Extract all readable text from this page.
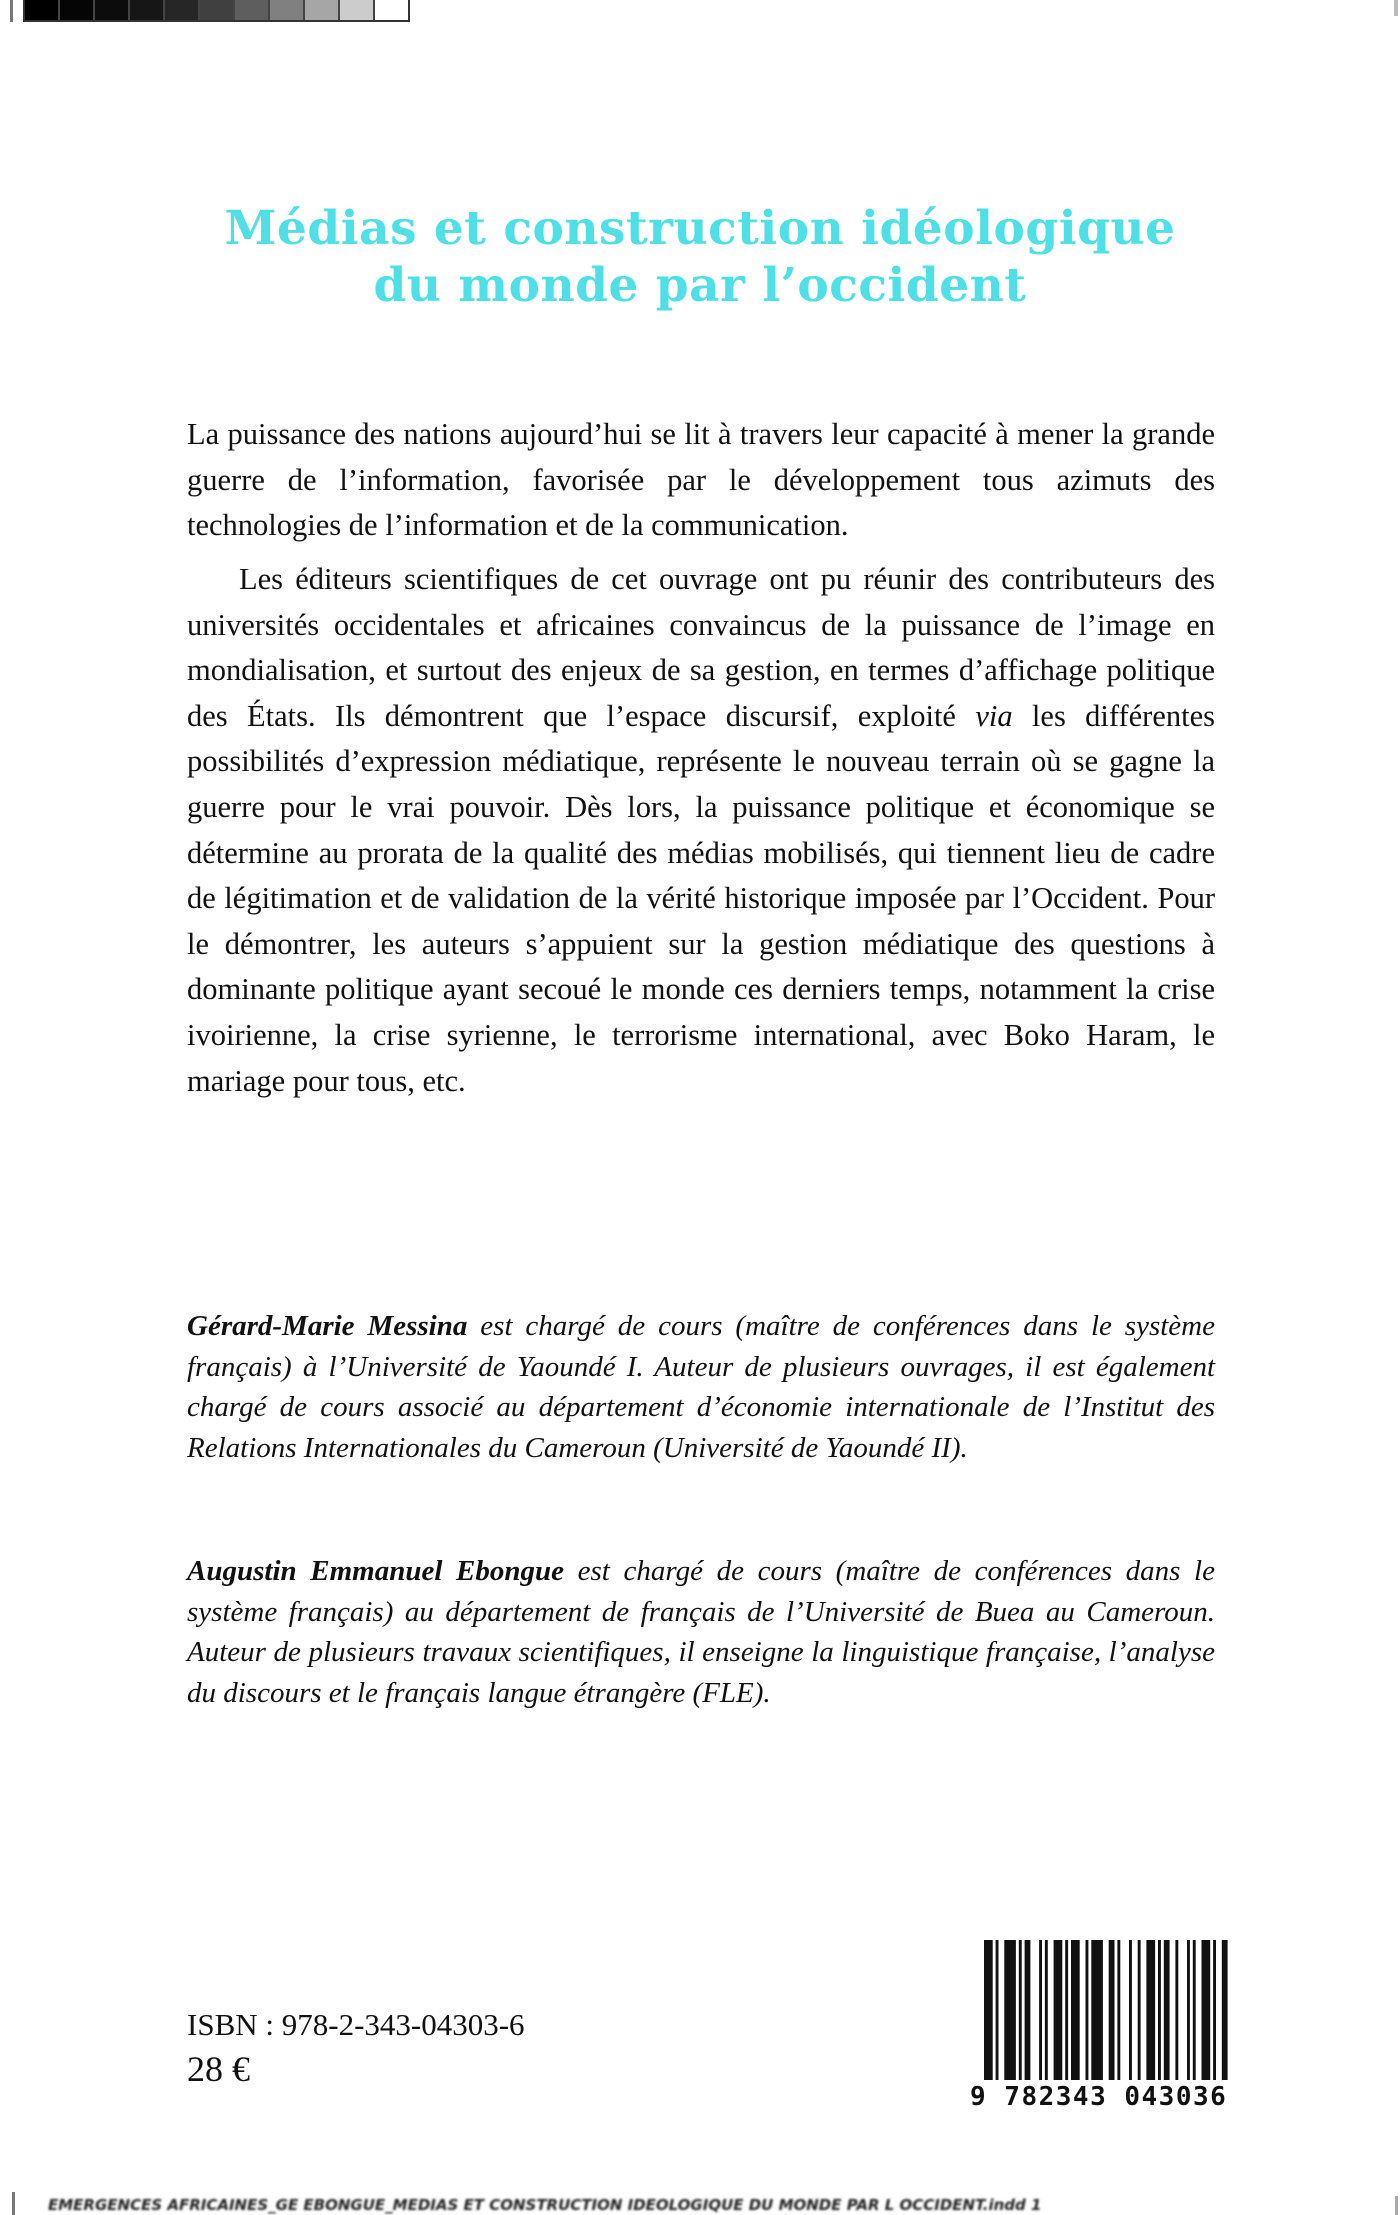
Médias et construction idéologique
du monde par l’occident
La puissance des nations aujourd’hui se lit à travers leur capacité à mener la grande guerre de l’information, favorisée par le développement tous azimuts des technologies de l’information et de la communication.
Les éditeurs scientifiques de cet ouvrage ont pu réunir des contributeurs des universités occidentales et africaines convaincus de la puissance de l’image en mondialisation, et surtout des enjeux de sa gestion, en termes d’affichage politique des États. Ils démontrent que l’espace discursif, exploité via les différentes possibilités d’expression médiatique, représente le nouveau terrain où se gagne la guerre pour le vrai pouvoir. Dès lors, la puissance politique et économique se détermine au prorata de la qualité des médias mobilisés, qui tiennent lieu de cadre de légitimation et de validation de la vérité historique imposée par l’Occident. Pour le démontrer, les auteurs s’appuient sur la gestion médiatique des questions à dominante politique ayant secoué le monde ces derniers temps, notamment la crise ivoirienne, la crise syrienne, le terrorisme international, avec Boko Haram, le mariage pour tous, etc.
Gérard-Marie Messina est chargé de cours (maître de conférences dans le système français) à l’Université de Yaoundé I. Auteur de plusieurs ouvrages, il est également chargé de cours associé au département d’économie internationale de l’Institut des Relations Internationales du Cameroun (Université de Yaoundé II).
Augustin Emmanuel Ebongue est chargé de cours (maître de conférences dans le système français) au département de français de l’Université de Buea au Cameroun. Auteur de plusieurs travaux scientifiques, il enseigne la linguistique française, l’analyse du discours et le français langue étrangère (FLE).
ISBN : 978-2-343-04303-6
28 €
9 782343 043036
EMERGENCES AFRICAINES_GE EBONGUE_MEDIAS ET CONSTRUCTION IDEOLOGIQUE DU MONDE PAR L OCCIDENT.indd 1
